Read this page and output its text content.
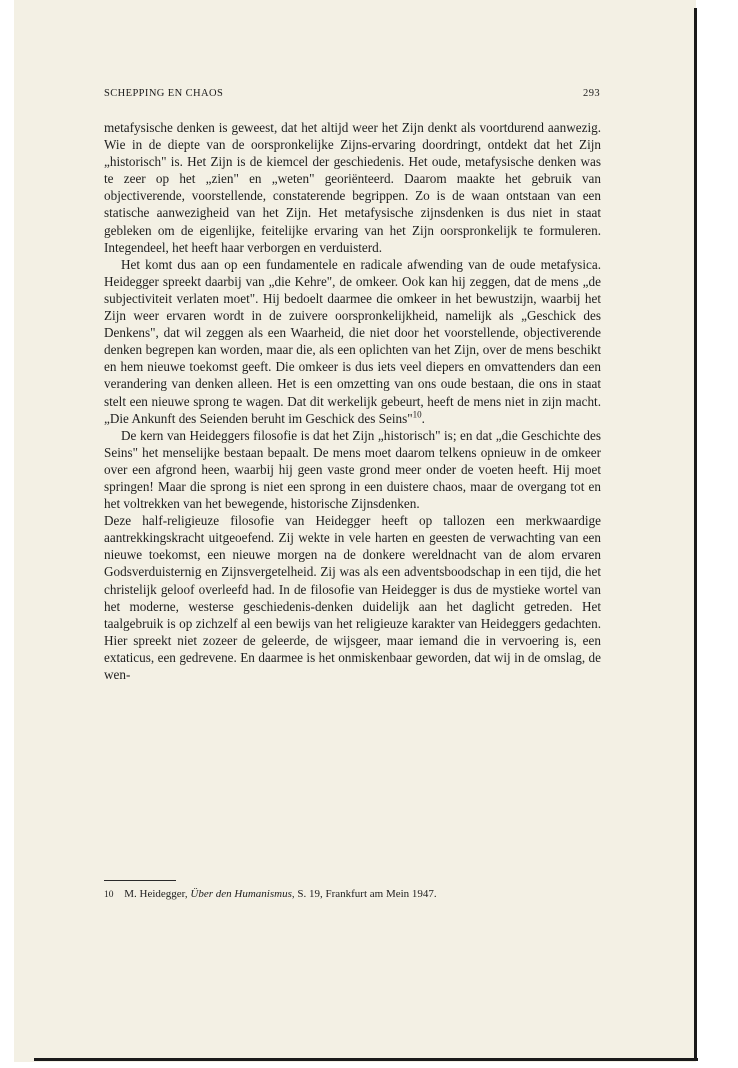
SCHEPPING EN CHAOS	293

metafysische denken is geweest, dat het altijd weer het Zijn denkt als voortdurend aanwezig. Wie in de diepte van de oorspronkelijke Zijns-ervaring doordringt, ontdekt dat het Zijn „historisch" is. Het Zijn is de kiemcel der geschiedenis. Het oude, metafysische denken was te zeer op het „zien" en „weten" georiënteerd. Daarom maakte het gebruik van objectiverende, voorstellende, constaterende begrippen. Zo is de waan ontstaan van een statische aanwezigheid van het Zijn. Het metafysische zijnsdenken is dus niet in staat gebleken om de eigenlijke, feitelijke ervaring van het Zijn oorspronkelijk te formuleren. Integendeel, het heeft haar verborgen en verduisterd.

Het komt dus aan op een fundamentele en radicale afwending van de oude metafysica. Heidegger spreekt daarbij van „die Kehre", de omkeer. Ook kan hij zeggen, dat de mens „de subjectiviteit verlaten moet". Hij bedoelt daarmee die omkeer in het bewustzijn, waarbij het Zijn weer ervaren wordt in de zuivere oorspronkelijkheid, namelijk als „Geschick des Denkens", dat wil zeggen als een Waarheid, die niet door het voorstellende, objectiverende denken begrepen kan worden, maar die, als een oplichten van het Zijn, over de mens beschikt en hem nieuwe toekomst geeft. Die omkeer is dus iets veel diepers en omvattenders dan een verandering van denken alleen. Het is een omzetting van ons oude bestaan, die ons in staat stelt een nieuwe sprong te wagen. Dat dit werkelijk gebeurt, heeft de mens niet in zijn macht. „Die Ankunft des Seienden beruht im Geschick des Seins"$^{10}$.

De kern van Heideggers filosofie is dat het Zijn „historisch" is; en dat „die Geschichte des Seins" het menselijke bestaan bepaalt. De mens moet daarom telkens opnieuw in de omkeer over een afgrond heen, waarbij hij geen vaste grond meer onder de voeten heeft. Hij moet springen! Maar die sprong is niet een sprong in een duistere chaos, maar de overgang tot en het voltrekken van het bewegende, historische Zijnsdenken.

Deze half-religieuze filosofie van Heidegger heeft op tallozen een merkwaardige aantrekkingskracht uitgeoefend. Zij wekte in vele harten en geesten de verwachting van een nieuwe toekomst, een nieuwe morgen na de donkere wereldnacht van de alom ervaren Godsverduisternig en Zijnsvergetelheid. Zij was als een adventsboodschap in een tijd, die het christelijk geloof overleefd had. In de filosofie van Heidegger is dus de mystieke wortel van het moderne, westerse geschiedenis-denken duidelijk aan het daglicht getreden. Het taalgebruik is op zichzelf al een bewijs van het religieuze karakter van Heideggers gedachten. Hier spreekt niet zozeer de geleerde, de wijsgeer, maar iemand die in vervoering is, een extaticus, een gedrevene. En daarmee is het onmiskenbaar geworden, dat wij in de omslag, de wen-

10 M. Heidegger, Über den Humanismus, S. 19, Frankfurt am Mein 1947.
